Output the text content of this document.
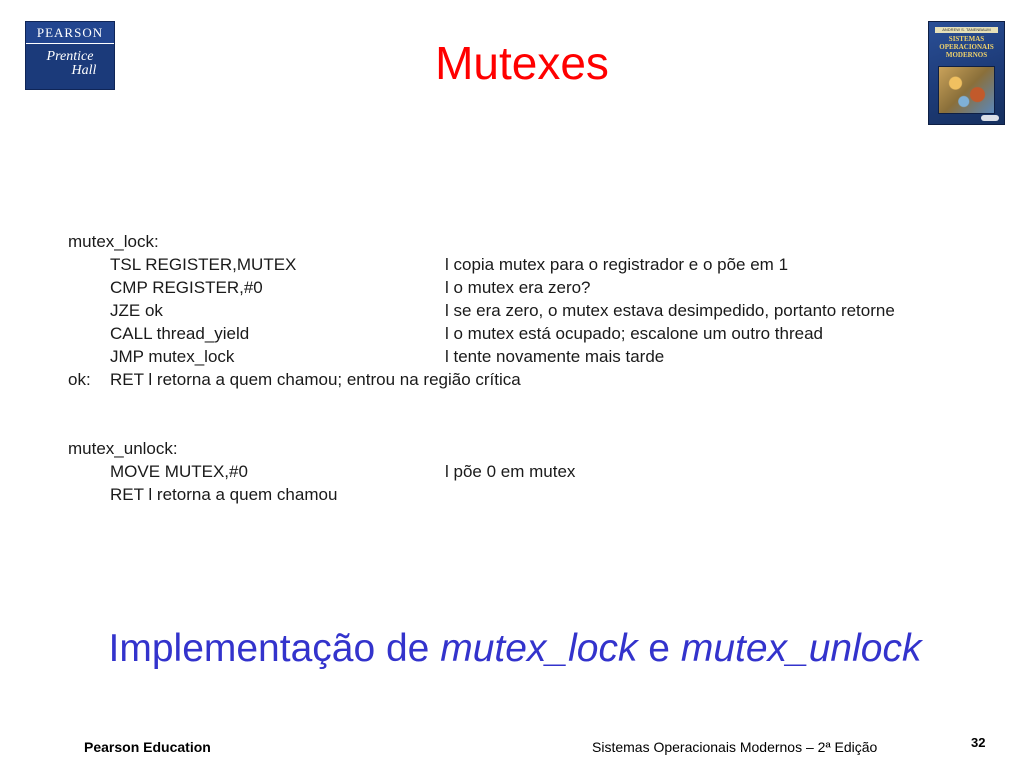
PEARSON
Prentice
Hall
ANDREW S. TANENBAUM
SISTEMAS OPERACIONAIS MODERNOS
Mutexes
mutex_lock:
TSL REGISTER,MUTEX	l copia mutex para o registrador e o põe em 1
CMP REGISTER,#0	l o mutex era zero?
JZE ok	l se era zero, o mutex estava desimpedido, portanto retorne
CALL thread_yield	l o mutex está ocupado; escalone um outro thread
JMP mutex_lock	l tente novamente mais tarde
ok: RET l retorna a quem chamou; entrou na região crítica
mutex_unlock:
MOVE MUTEX,#0	l põe 0 em mutex
RET l retorna a quem chamou
Implementação de mutex_lock e mutex_unlock
Pearson Education	Sistemas Operacionais Modernos – 2ª Edição	32
